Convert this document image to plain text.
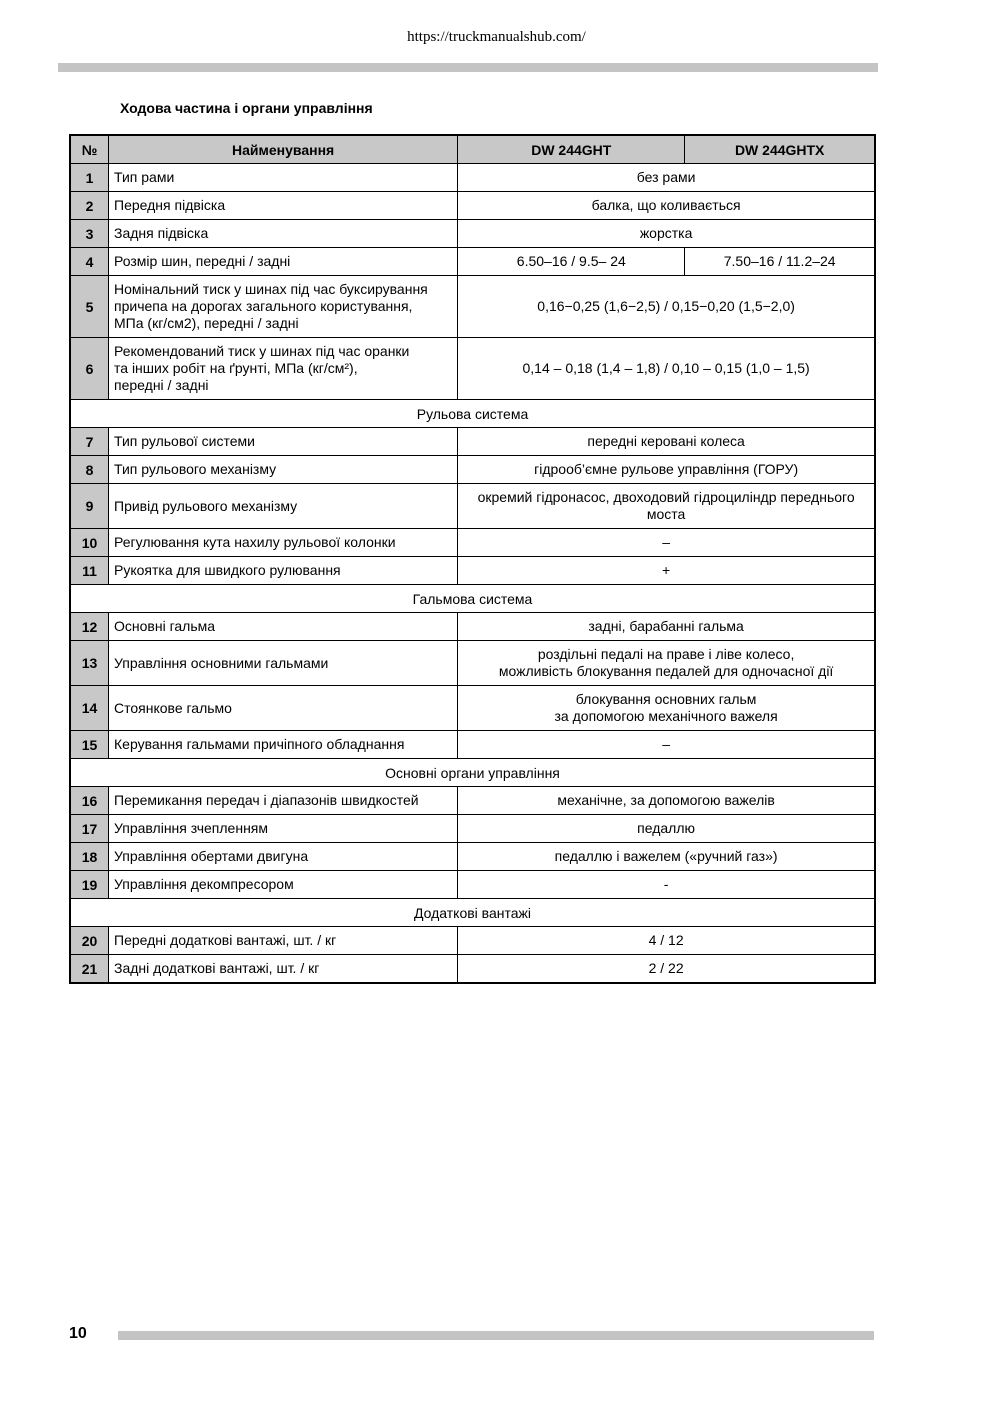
https://truckmanualshub.com/
Ходова частина і органи управління
№	Найменування	DW 244GHT	DW 244GHTX
1	Тип рами	без рами	
2	Передня підвіска	балка, що коливається	
3	Задня підвіска	жорстка	
4	Розмір шин, передні / задні	6.50–16 / 9.5– 24	7.50–16 / 11.2–24
5	Номінальний тиск у шинах під час буксирування
причепа на дорогах загального користування,
МПа (кг/см2), передні / задні	0,16−0,25 (1,6−2,5) / 0,15−0,20 (1,5−2,0)	
6	Рекомендований тиск у шинах під час оранки
та інших робіт на ґрунті, МПа (кг/см²),
передні / задні	0,14 – 0,18 (1,4 – 1,8) / 0,10 – 0,15 (1,0 – 1,5)	
Рульова система			
7	Тип рульової системи	передні керовані колеса	
8	Тип рульового механізму	гідрооб’ємне рульове управління (ГОРУ)	
9	Привід рульового механізму	окремий гідронасос, двоходовий гідроциліндр переднього
моста	

10	Регулювання кута нахилу рульової колонки	–	
11	Рукоятка для швидкого рулювання	+	
Гальмова система			
12	Основні гальма	задні, барабанні гальма	
13	Управління основними гальмами	роздільні педалі на праве і ліве колесо,
можливість блокування педалей для одночасної дії	

14	Стоянкове гальмо	блокування основних гальм
за допомогою механічного важеля	

15	Керування гальмами причіпного обладнання	–	
Основні органи управління			
16	Перемикання передач і діапазонів швидкостей	механічне, за допомогою важелів	
17	Управління зчепленням	педаллю	
18	Управління обертами двигуна	педаллю і важелем («ручний газ»)	
19	Управління декомпресором	-	
Додаткові вантажі			
20	Передні додаткові вантажі, шт. / кг	4 / 12	
21	Задні додаткові вантажі, шт. / кг	2 / 22	
10
